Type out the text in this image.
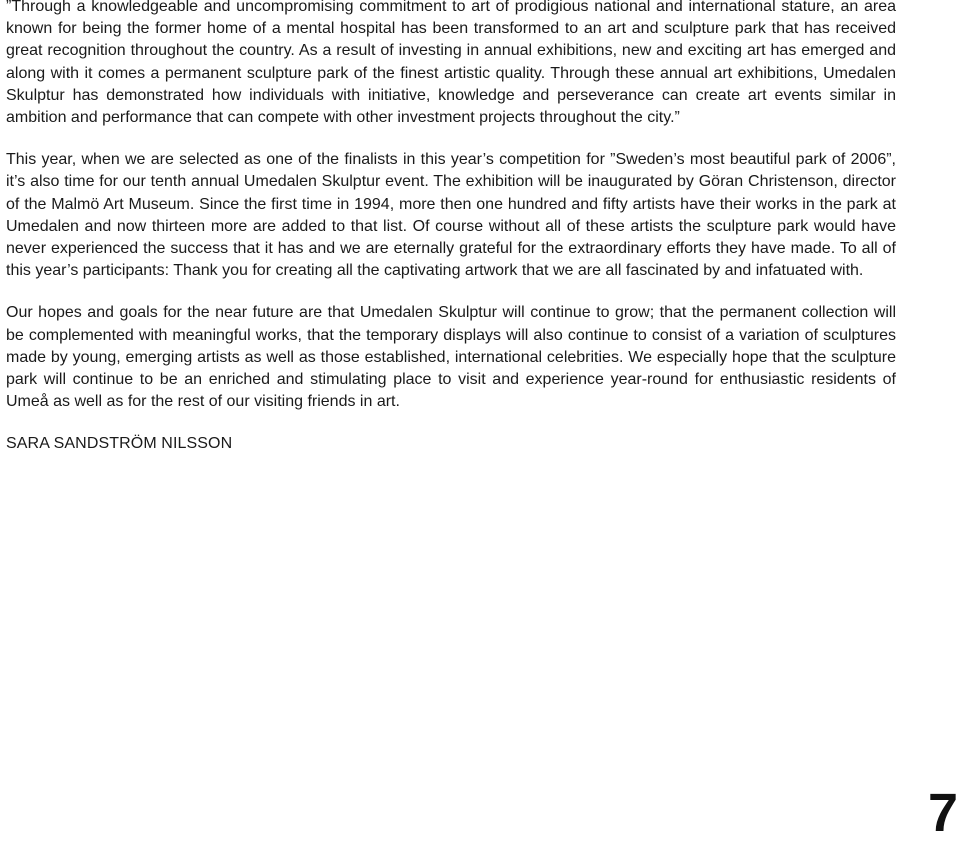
”Through a knowledgeable and uncompromising commitment to art of prodigious national and international stature, an area known for being the former home of a mental hospital has been transformed to an art and sculpture park that has received great recognition throughout the country. As a result of investing in annual exhibitions, new and exciting art has emerged and along with it comes a permanent sculpture park of the finest artistic quality. Through these annual art exhibitions, Umedalen Skulptur has demonstrated how individuals with initiative, knowledge and perseverance can create art events similar in ambition and performance that can compete with other investment projects throughout the city.”

This year, when we are selected as one of the finalists in this year’s competition for ”Sweden’s most beautiful park of 2006”, it’s also time for our tenth annual Umedalen Skulptur event. The exhibition will be inaugurated by Göran Christenson, director of the Malmö Art Museum. Since the first time in 1994, more then one hundred and fifty artists have their works in the park at Umedalen and now thirteen more are added to that list. Of course without all of these artists the sculpture park would have never experienced the success that it has and we are eternally grateful for the extraordinary efforts they have made. To all of this year’s participants: Thank you for creating all the captivating artwork that we are all fascinated by and infatuated with.

Our hopes and goals for the near future are that Umedalen Skulptur will continue to grow; that the permanent collection will be complemented with meaningful works, that the temporary displays will also continue to consist of a variation of sculptures made by young, emerging artists as well as those established, international celebrities. We especially hope that the sculpture park will continue to be an enriched and stimulating place to visit and experience year-round for enthusiastic residents of Umeå as well as for the rest of our visiting friends in art.

SARA SANDSTRÖM NILSSON

7
